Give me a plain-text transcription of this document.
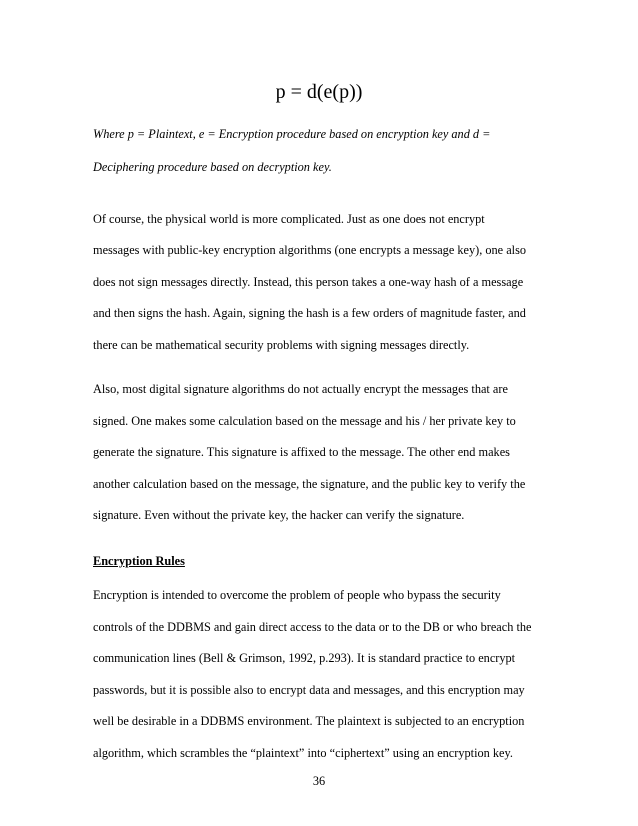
p = d(e(p))
Where p = Plaintext, e = Encryption procedure based on encryption key and d =
Deciphering procedure based on decryption key.
Of course, the physical world is more complicated. Just as one does not encrypt
messages with public-key encryption algorithms (one encrypts a message key), one also
does not sign messages directly. Instead, this person takes a one-way hash of a message
and then signs the hash. Again, signing the hash is a few orders of magnitude faster, and
there can be mathematical security problems with signing messages directly.
Also, most digital signature algorithms do not actually encrypt the messages that are
signed. One makes some calculation based on the message and his / her private key to
generate the signature. This signature is affixed to the message. The other end makes
another calculation based on the message, the signature, and the public key to verify the
signature. Even without the private key, the hacker can verify the signature.
Encryption Rules
Encryption is intended to overcome the problem of people who bypass the security
controls of the DDBMS and gain direct access to the data or to the DB or who breach the
communication lines (Bell & Grimson, 1992, p.293). It is standard practice to encrypt
passwords, but it is possible also to encrypt data and messages, and this encryption may
well be desirable in a DDBMS environment. The plaintext is subjected to an encryption
algorithm, which scrambles the “plaintext” into “ciphertext” using an encryption key.
36
